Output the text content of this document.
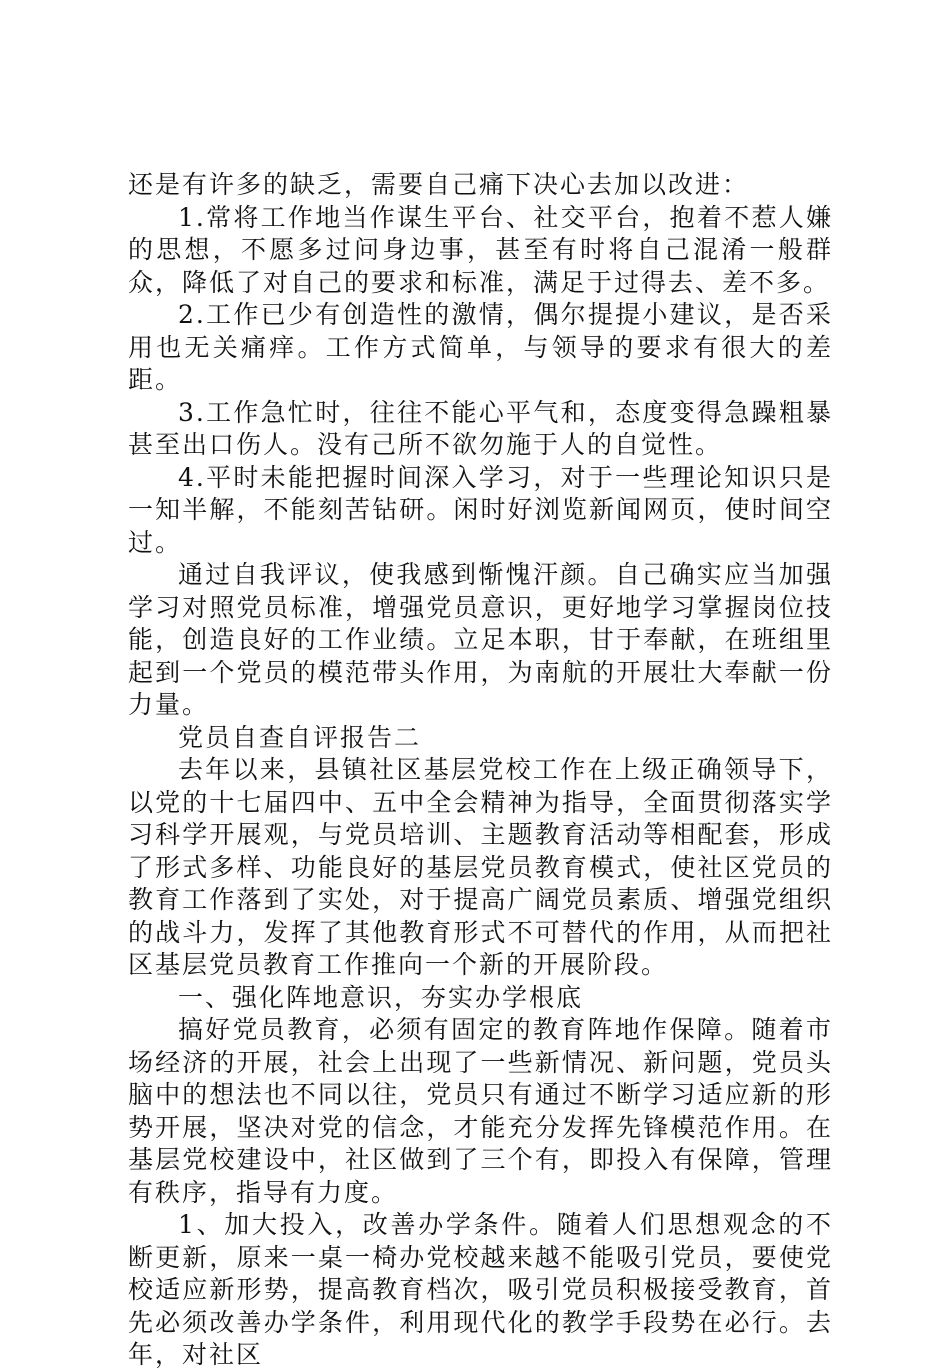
还是有许多的缺乏，需要自己痛下决心去加以改进：

1.常将工作地当作谋生平台、社交平台，抱着不惹人嫌的思想，不愿多过问身边事，甚至有时将自己混淆一般群众，降低了对自己的要求和标准，满足于过得去、差不多。

2.工作已少有创造性的激情，偶尔提提小建议，是否采用也无关痛痒。工作方式简单，与领导的要求有很大的差距。

3.工作急忙时，往往不能心平气和，态度变得急躁粗暴甚至出口伤人。没有己所不欲勿施于人的自觉性。

4.平时未能把握时间深入学习，对于一些理论知识只是一知半解，不能刻苦钻研。闲时好浏览新闻网页，使时间空过。

通过自我评议，使我感到惭愧汗颜。自己确实应当加强学习对照党员标准，增强党员意识，更好地学习掌握岗位技能，创造良好的工作业绩。立足本职，甘于奉献，在班组里起到一个党员的模范带头作用，为南航的开展壮大奉献一份力量。

党员自查自评报告二

去年以来，县镇社区基层党校工作在上级正确领导下，以党的十七届四中、五中全会精神为指导，全面贯彻落实学习科学开展观，与党员培训、主题教育活动等相配套，形成了形式多样、功能良好的基层党员教育模式，使社区党员的教育工作落到了实处，对于提高广阔党员素质、增强党组织的战斗力，发挥了其他教育形式不可替代的作用，从而把社区基层党员教育工作推向一个新的开展阶段。

一、强化阵地意识，夯实办学根底

搞好党员教育，必须有固定的教育阵地作保障。随着市场经济的开展，社会上出现了一些新情况、新问题，党员头脑中的想法也不同以往，党员只有通过不断学习适应新的形势开展，坚决对党的信念，才能充分发挥先锋模范作用。在基层党校建设中，社区做到了三个有，即投入有保障，管理有秩序，指导有力度。

1、加大投入，改善办学条件。随着人们思想观念的不断更新，原来一桌一椅办党校越来越不能吸引党员，要使党校适应新形势，提高教育档次，吸引党员积极接受教育，首先必须改善办学条件，利用现代化的教学手段势在必行。去年，对社区
